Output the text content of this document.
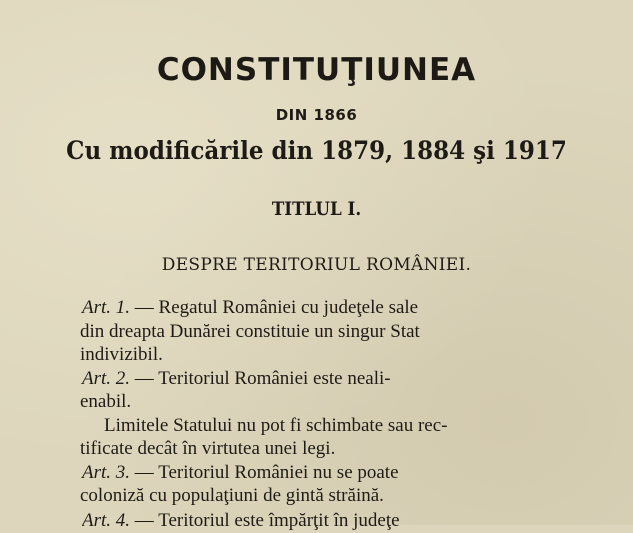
CONSTITUŢIUNEA
DIN 1866
Cu modificările din 1879, 1884 şi 1917
TITLUL I.
DESPRE TERITORIUL ROMÂNIEI.
Art. 1. — Regatul României cu judeţele sale
din dreapta Dunărei constituie un singur Stat
indivizibil.
Art. 2. — Teritoriul României este neali-
enabil.
Limitele Statului nu pot fi schimbate sau rec-
tificate decât în virtutea unei legi.
Art. 3. — Teritoriul României nu se poate
coloniză cu populaţiuni de gintă străină.
Art. 4. — Teritoriul este împărţit în judeţe
